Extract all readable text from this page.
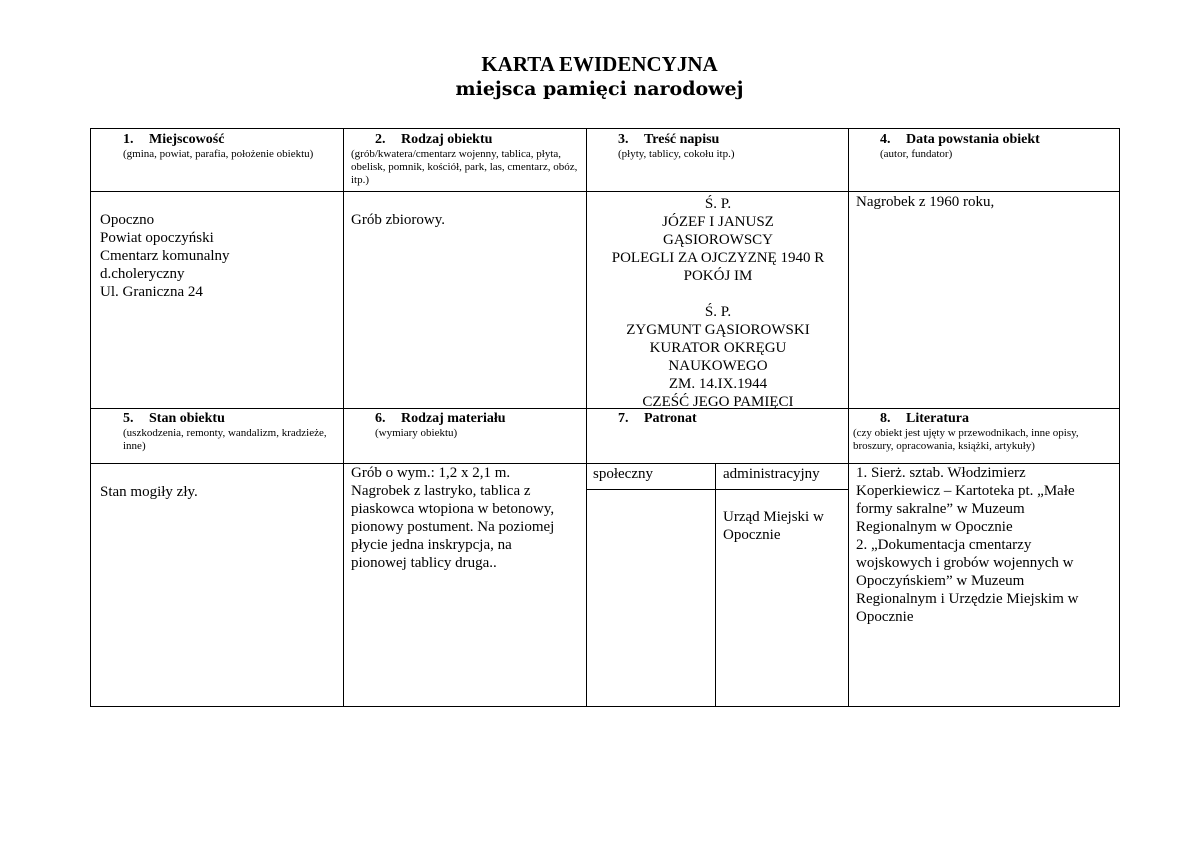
KARTA EWIDENCYJNA
miejsca pamięci narodowej
1. Miejscowość
(gmina, powiat, parafia, położenie obiektu)
2. Rodzaj obiektu
(grób/kwatera/cmentarz wojenny, tablica, płyta, obelisk, pomnik, kościół, park, las, cmentarz, obóz, itp.)
3. Treść napisu
(płyty, tablicy, cokołu itp.)
4. Data powstania obiekt
(autor, fundator)
Opoczno
Powiat opoczyński
Cmentarz komunalny
d.choleryczny
Ul. Graniczna 24
Grób zbiorowy.
Ś. P.
JÓZEF I JANUSZ
GĄSIOROWSCY
POLEGLI ZA OJCZYZNĘ 1940 R
POKÓJ IM
Ś. P.
ZYGMUNT GĄSIOROWSKI
KURATOR OKRĘGU
NAUKOWEGO
ZM. 14.IX.1944
CZEŚĆ JEGO PAMIĘCI
Nagrobek z 1960 roku,
5. Stan obiektu
(uszkodzenia, remonty, wandalizm, kradzieże, inne)
6. Rodzaj materiału
(wymiary obiektu)
7. Patronat	8. Literatura
(czy obiekt jest ujęty w przewodnikach, inne opisy, broszury, opracowania, książki, artykuły)
Stan mogiły zły.
Grób o wym.: 1,2 x 2,1 m.
Nagrobek z lastryko, tablica z
piaskowca wtopiona w betonowy,
pionowy postument. Na poziomej
płycie jedna inskrypcja, na
pionowej tablicy druga..
społeczny	administracyjny
Urząd Miejski w
Opocznie
1. Sierż. sztab. Włodzimierz
Koperkiewicz – Kartoteka pt. „Małe
formy sakralne” w Muzeum
Regionalnym w Opocznie
2. „Dokumentacja cmentarzy
wojskowych i grobów wojennych w
Opoczyńskiem” w Muzeum
Regionalnym i Urzędzie Miejskim w
Opocznie
